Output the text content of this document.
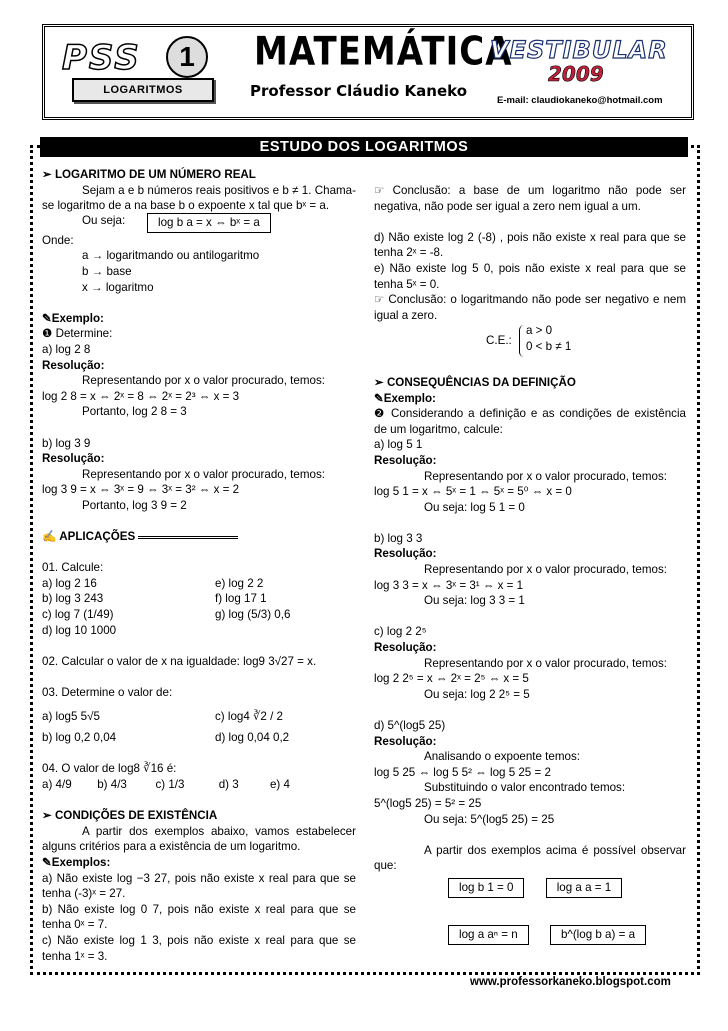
PSS	1
LOGARITMOS
MATEMÁTICA
Professor Cláudio Kaneko
VESTIBULAR
2009
E-mail: claudiokaneko@hotmail.com
ESTUDO DOS LOGARITMOS

➢ LOGARITMO DE UM NÚMERO REAL

Sejam a e b números reais positivos e b ≠ 1. Chama-se logaritmo de a na base b o expoente x tal que bˣ = a.

Ou seja:	log b a = x ⇔ bˣ = a

Onde:

a → logaritmando ou antilogaritmo

b → base

x → logaritmo

✎Exemplo:

❶ Determine:

a) log 2 8

Resolução:

Representando por x o valor procurado, temos:

log 2 8 = x ⇔ 2ˣ = 8 ⇔ 2ˣ = 2³ ⇔ x = 3

Portanto, log 2 8 = 3

b) log 3 9

Resolução:

Representando por x o valor procurado, temos:

log 3 9 = x ⇔ 3ˣ = 9 ⇔ 3ˣ = 3² ⇔ x = 2

Portanto, log 3 9 = 2

✍ APLICAÇÕES

01. Calcule:

a) log 2 16	e) log 2 2

b) log 3 243	f) log 17 1

c) log 7 (1/49)	g) log (5/3) 0,6

d) log 10 1000

02. Calcular o valor de x na igualdade: log9 3√27 = x.

03. Determine o valor de:

a) log5 5√5	c) log4 ∛2 / 2

b) log 0,2 0,04	d) log 0,04 0,2

04. O valor de log8 ∛16 é:

a) 4/9 b) 4/3 c) 1/3	d) 3	e) 4

➢ CONDIÇÕES DE EXISTÊNCIA

A partir dos exemplos abaixo, vamos estabelecer alguns critérios para a existência de um logaritmo.

✎Exemplos:

a) Não existe log −3 27, pois não existe x real para que se tenha (-3)ˣ = 27.

b) Não existe log 0 7, pois não existe x real para que se tenha 0ˣ = 7.

c) Não existe log 1 3, pois não existe x real para que se tenha 1ˣ = 3.

☞ Conclusão: a base de um logaritmo não pode ser negativa, não pode ser igual a zero nem igual a um.

d) Não existe log 2 (-8) , pois não existe x real para que se tenha 2ˣ = -8.

e) Não existe log 5 0, pois não existe x real para que se tenha 5ˣ = 0.

☞ Conclusão: o logaritmando não pode ser negativo e nem igual a zero.

C.E.:
a > 0
0 < b ≠ 1

➢ CONSEQUÊNCIAS DA DEFINIÇÃO

✎Exemplo:

❷ Considerando a definição e as condições de existência de um logaritmo, calcule:

a) log 5 1

Resolução:

Representando por x o valor procurado, temos:

log 5 1 = x ⇔ 5ˣ = 1 ⇔ 5ˣ = 5⁰ ⇔ x = 0

Ou seja: log 5 1 = 0

b) log 3 3

Resolução:

Representando por x o valor procurado, temos:

log 3 3 = x ⇔ 3ˣ = 3¹ ⇔ x = 1

Ou seja: log 3 3 = 1

c) log 2 2⁵

Resolução:

Representando por x o valor procurado, temos:

log 2 2⁵ = x ⇔ 2ˣ = 2⁵ ⇔ x = 5

Ou seja: log 2 2⁵ = 5

d) 5^(log5 25)

Resolução:

Analisando o expoente temos:

log 5 25 ⇔ log 5 5² ⇔ log 5 25 = 2

Substituindo o valor encontrado temos:

5^(log5 25) = 5² = 25

Ou seja: 5^(log5 25) = 25

A partir dos exemplos acima é possível observar que:

log b 1 = 0	log a a = 1

log a aⁿ = n	b^(log b a) = a

www.professorkaneko.blogspot.com
